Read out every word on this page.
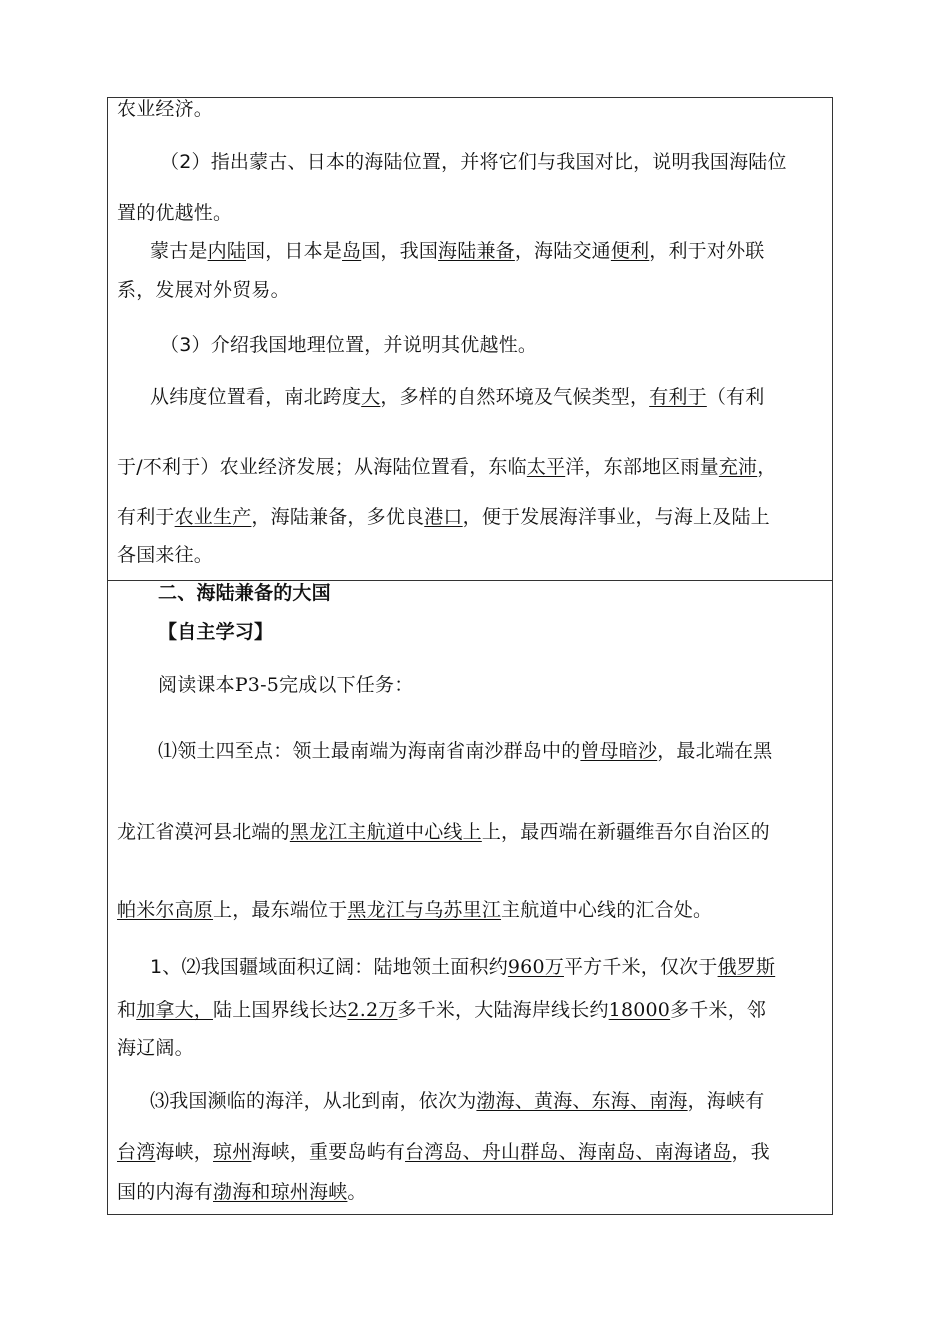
农业经济。
（2）指出蒙古、日本的海陆位置，并将它们与我国对比，说明我国海陆位
置的优越性。
蒙古是内陆国，日本是岛国，我国海陆兼备，海陆交通便利，利于对外联
系，发展对外贸易。
（3）介绍我国地理位置，并说明其优越性。
从纬度位置看，南北跨度大，多样的自然环境及气候类型，有利于（有利
于/不利于）农业经济发展；从海陆位置看，东临太平洋，东部地区雨量充沛，
有利于农业生产，海陆兼备，多优良港口，便于发展海洋事业，与海上及陆上
各国来往。
二、海陆兼备的大国
【自主学习】
阅读课本P3-5完成以下任务：
⑴领土四至点：领土最南端为海南省南沙群岛中的曾母暗沙，最北端在黑
龙江省漠河县北端的黑龙江主航道中心线上上，最西端在新疆维吾尔自治区的
帕米尔高原上，最东端位于黑龙江与乌苏里江主航道中心线的汇合处。
1、⑵我国疆域面积辽阔：陆地领土面积约960万平方千米，仅次于俄罗斯
和加拿大，陆上国界线长达2.2万多千米，大陆海岸线长约18000多千米，邻
海辽阔。
⑶我国濒临的海洋，从北到南，依次为渤海、黄海、东海、南海，海峡有
台湾海峡，琼州海峡，重要岛屿有台湾岛、舟山群岛、海南岛、南海诸岛，我
国的内海有渤海和琼州海峡。
